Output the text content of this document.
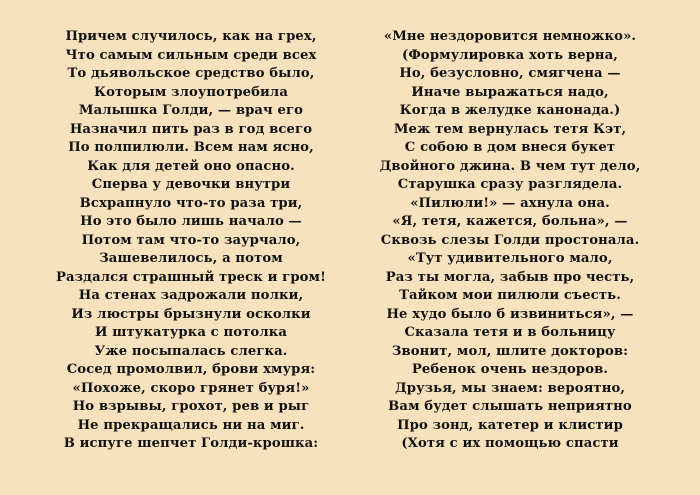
Причем случилось, как на грех,
Что самым сильным среди всех
То дьявольское средство было,
Которым злоупотребила
Малышка Голди, — врач его
Назначил пить раз в год всего
По полпилюли. Всем нам ясно,
Как для детей оно опасно.
Сперва у девочки внутри
Всхрапнуло что-то раза три,
Но это было лишь начало —
Потом там что-то заурчало,
Зашевелилось, а потом
Раздался страшный треск и гром!
На стенах задрожали полки,
Из люстры брызнули осколки
И штукатурка с потолка
Уже посыпалась слегка.
Сосед промолвил, брови хмуря:
«Похоже, скоро грянет буря!»
Но взрывы, грохот, рев и рыг
Не прекращались ни на миг.
В испуге шепчет Голди-крошка:
«Мне нездоровится немножко».
(Формулировка хоть верна,
Но, безусловно, смягчена —
Иначе выражаться надо,
Когда в желудке канонада.)
Меж тем вернулась тетя Кэт,
С собою в дом внеся букет
Двойного джина. В чем тут дело,
Старушка сразу разглядела.
«Пилюли!» — ахнула она.
«Я, тетя, кажется, больна», —
Сквозь слезы Голди простонала.
«Тут удивительного мало,
Раз ты могла, забыв про честь,
Тайком мои пилюли съесть.
Не худо было б извиниться», —
Сказала тетя и в больницу
Звонит, мол, шлите докторов:
Ребенок очень нездоров.
Друзья, мы знаем: вероятно,
Вам будет слышать неприятно
Про зонд, катетер и клистир
(Хотя с их помощью спасти
